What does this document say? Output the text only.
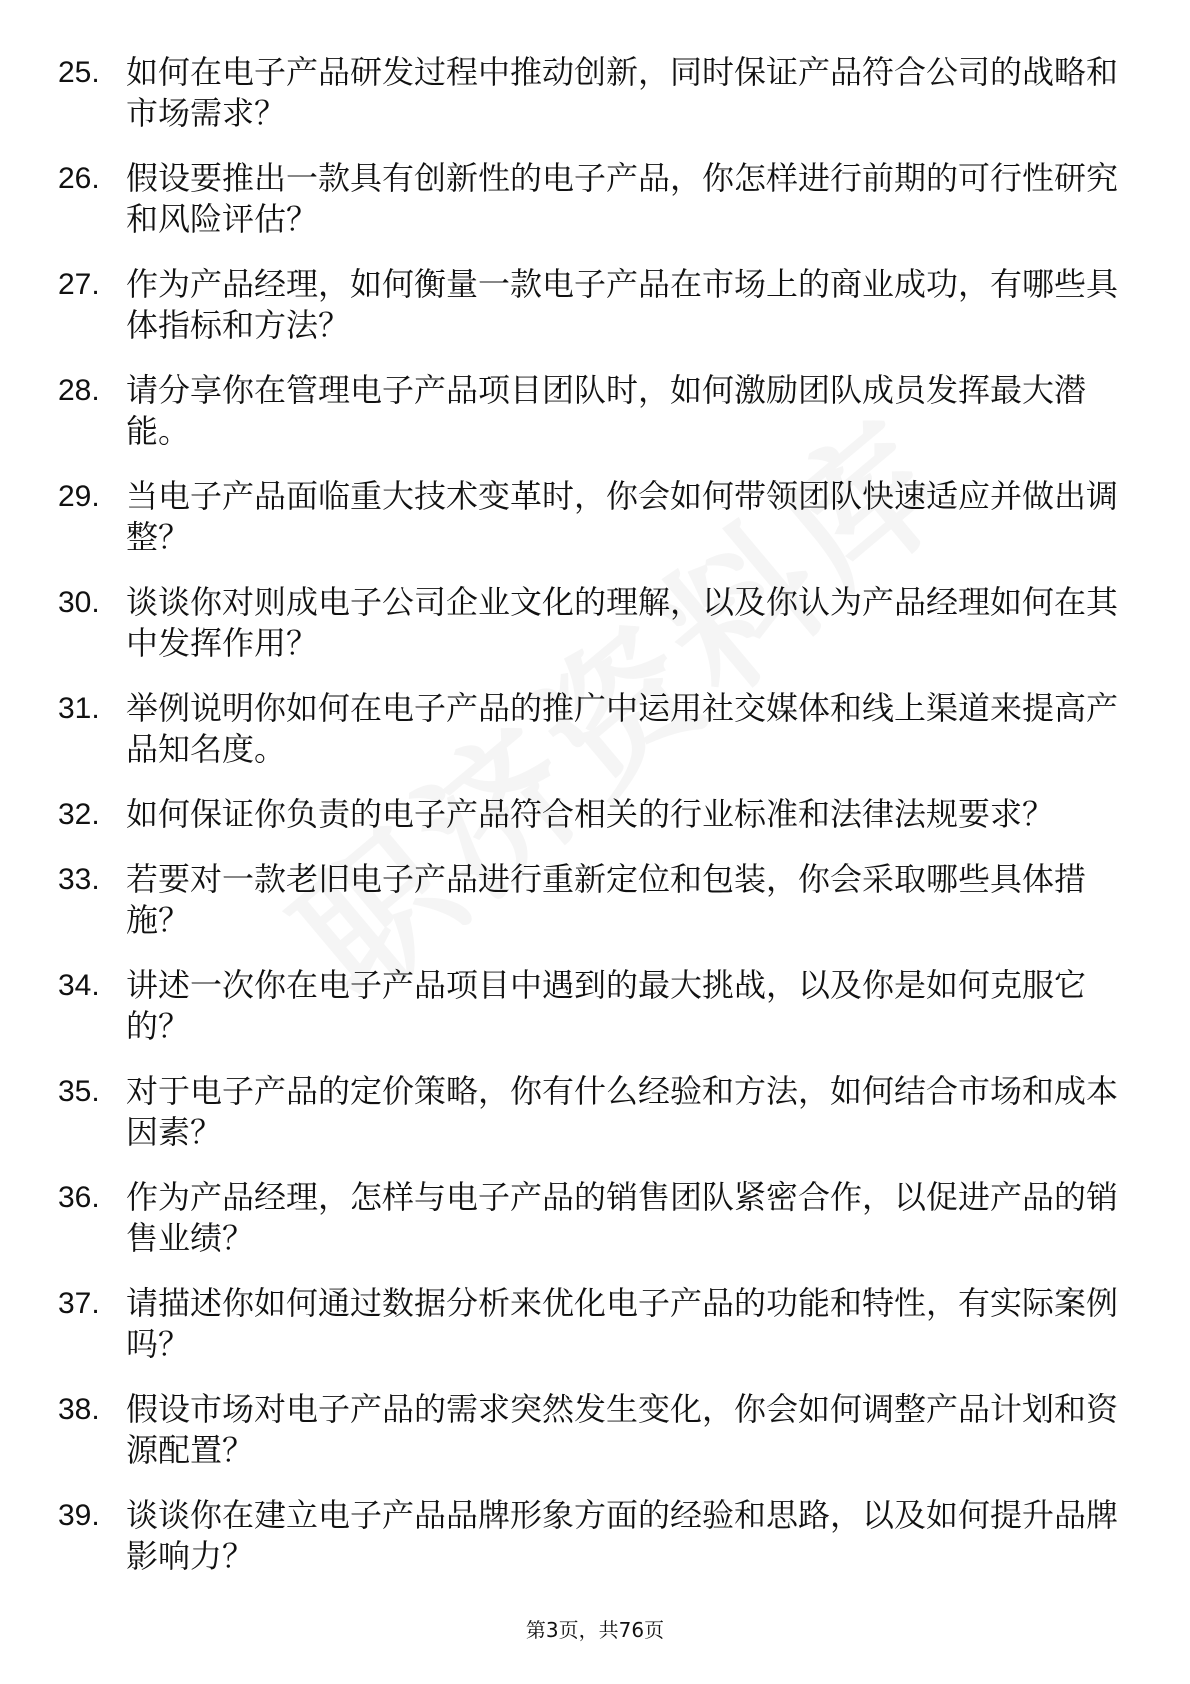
25. 如何在电子产品研发过程中推动创新，同时保证产品符合公司的战略和市场需求？
26. 假设要推出一款具有创新性的电子产品，你怎样进行前期的可行性研究和风险评估？
27. 作为产品经理，如何衡量一款电子产品在市场上的商业成功，有哪些具体指标和方法？
28. 请分享你在管理电子产品项目团队时，如何激励团队成员发挥最大潜能。
29. 当电子产品面临重大技术变革时，你会如何带领团队快速适应并做出调整？
30. 谈谈你对则成电子公司企业文化的理解，以及你认为产品经理如何在其中发挥作用？
31. 举例说明你如何在电子产品的推广中运用社交媒体和线上渠道来提高产品知名度。
32. 如何保证你负责的电子产品符合相关的行业标准和法律法规要求？
33. 若要对一款老旧电子产品进行重新定位和包装，你会采取哪些具体措施？
34. 讲述一次你在电子产品项目中遇到的最大挑战，以及你是如何克服它的？
35. 对于电子产品的定价策略，你有什么经验和方法，如何结合市场和成本因素？
36. 作为产品经理，怎样与电子产品的销售团队紧密合作，以促进产品的销售业绩？
37. 请描述你如何通过数据分析来优化电子产品的功能和特性，有实际案例吗？
38. 假设市场对电子产品的需求突然发生变化，你会如何调整产品计划和资源配置？
39. 谈谈你在建立电子产品品牌形象方面的经验和思路，以及如何提升品牌影响力？
第3页，共76页
